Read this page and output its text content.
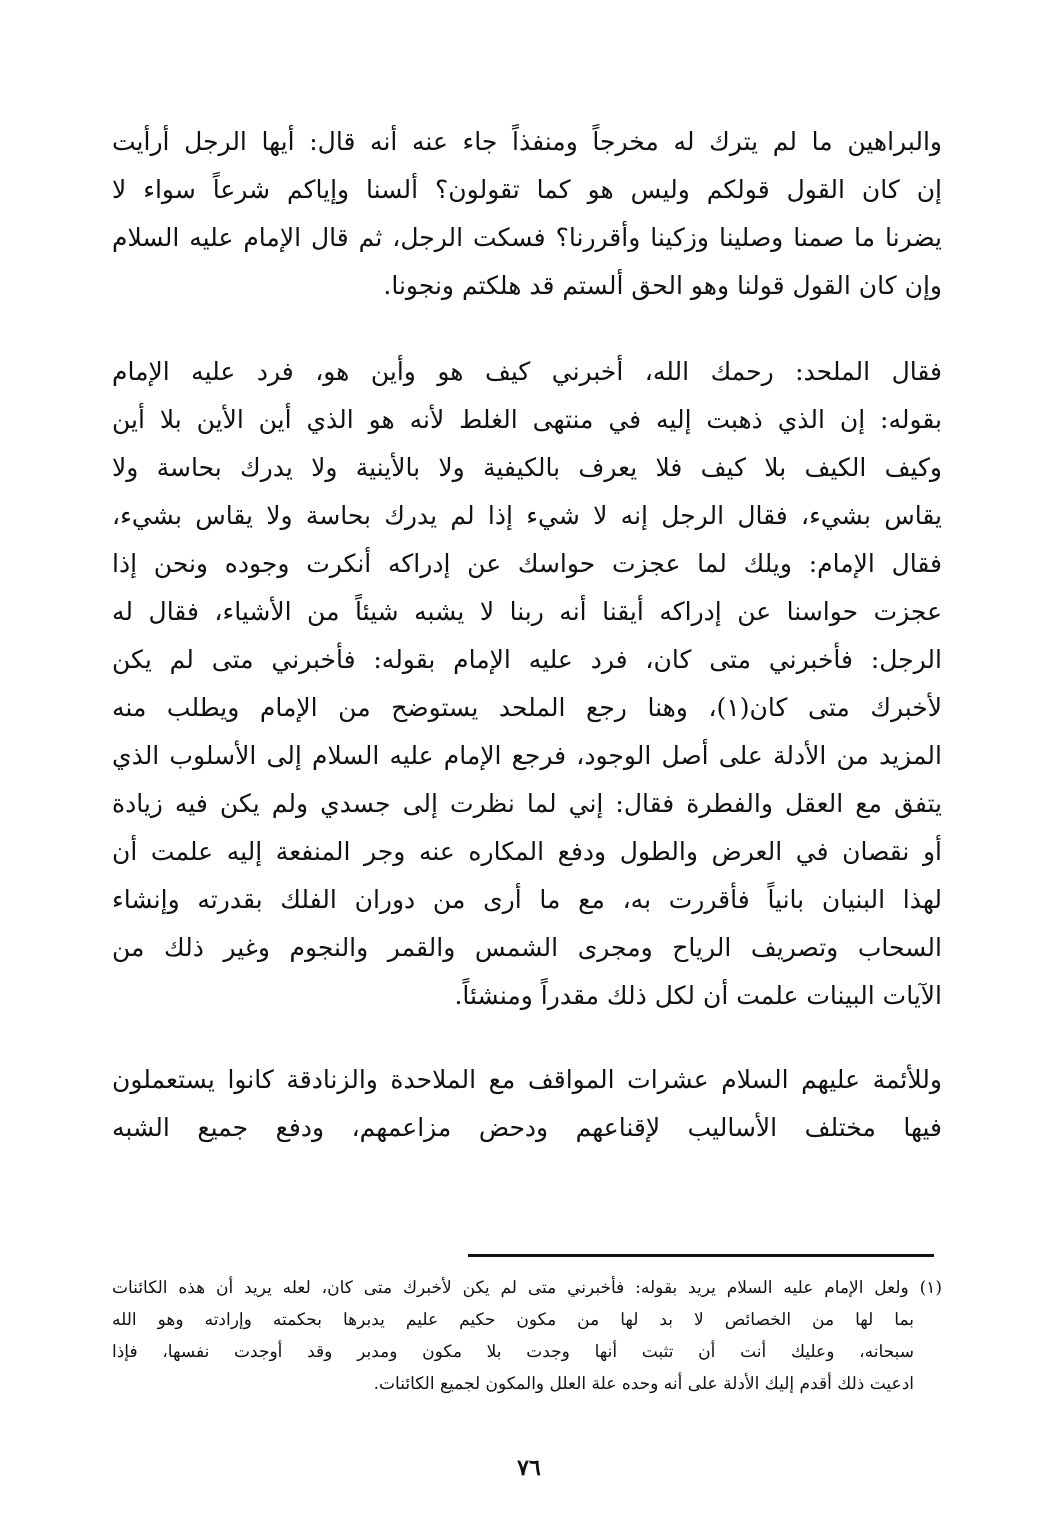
والبراهين ما لم يترك له مخرجاً ومنفذاً جاء عنه أنه قال: أيها الرجل أرأيت
إن كان القول قولكم وليس هو كما تقولون؟ ألسنا وإياكم شرعاً سواء لا
يضرنا ما صمنا وصلينا وزكينا وأقررنا؟ فسكت الرجل، ثم قال الإمام عليه السلام
وإن كان القول قولنا وهو الحق ألستم قد هلكتم ونجونا.
فقال الملحد: رحمك الله، أخبرني كيف هو وأين هو، فرد عليه الإمام
بقوله: إن الذي ذهبت إليه في منتهى الغلط لأنه هو الذي أين الأين بلا أين
وكيف الكيف بلا كيف فلا يعرف بالكيفية ولا بالأينية ولا يدرك بحاسة ولا
يقاس بشيء، فقال الرجل إنه لا شيء إذا لم يدرك بحاسة ولا يقاس بشيء،
فقال الإمام: ويلك لما عجزت حواسك عن إدراكه أنكرت وجوده ونحن إذا
عجزت حواسنا عن إدراكه أيقنا أنه ربنا لا يشبه شيئاً من الأشياء، فقال له
الرجل: فأخبرني متى كان، فرد عليه الإمام بقوله: فأخبرني متى لم يكن
لأخبرك متى كان(١)، وهنا رجع الملحد يستوضح من الإمام ويطلب منه
المزيد من الأدلة على أصل الوجود، فرجع الإمام عليه السلام إلى الأسلوب الذي
يتفق مع العقل والفطرة فقال: إني لما نظرت إلى جسدي ولم يكن فيه زيادة
أو نقصان في العرض والطول ودفع المكاره عنه وجر المنفعة إليه علمت أن
لهذا البنيان بانياً فأقررت به، مع ما أرى من دوران الفلك بقدرته وإنشاء
السحاب وتصريف الرياح ومجرى الشمس والقمر والنجوم وغير ذلك من
الآيات البينات علمت أن لكل ذلك مقدراً ومنشئاً.
وللأئمة عليهم السلام عشرات المواقف مع الملاحدة والزنادقة كانوا يستعملون
فيها مختلف الأساليب لإقناعهم ودحض مزاعمهم، ودفع جميع الشبه
(١) ولعل الإمام عليه السلام يريد بقوله: فأخبرني متى لم يكن لأخبرك متى كان، لعله يريد أن هذه الكائنات
بما لها من الخصائص لا بد لها من مكون حكيم عليم يدبرها بحكمته وإرادته وهو الله
سبحانه، وعليك أنت أن تثبت أنها وجدت بلا مكون ومدبر وقد أوجدت نفسها، فإذا
ادعيت ذلك أقدم إليك الأدلة على أنه وحده علة العلل والمكون لجميع الكائنات.
٧٦
